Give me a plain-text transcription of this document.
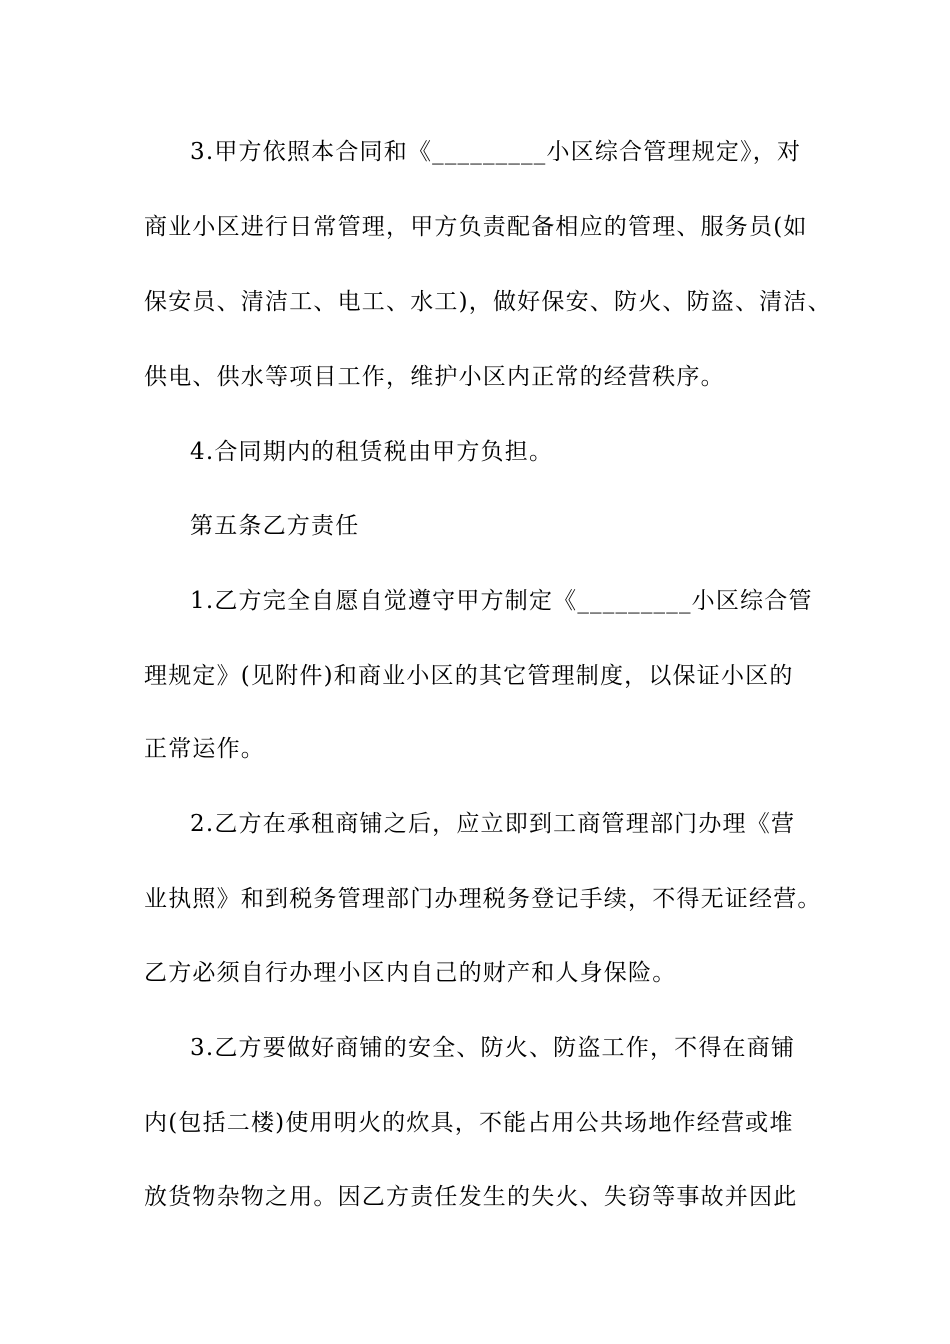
3.甲方依照本合同和《_________小区综合管理规定》，对
商业小区进行日常管理，甲方负责配备相应的管理、服务员(如
保安员、清洁工、电工、水工)，做好保安、防火、防盗、清洁、
供电、供水等项目工作，维护小区内正常的经营秩序。
4.合同期内的租赁税由甲方负担。
第五条乙方责任
1.乙方完全自愿自觉遵守甲方制定《_________小区综合管
理规定》(见附件)和商业小区的其它管理制度，以保证小区的
正常运作。
2.乙方在承租商铺之后，应立即到工商管理部门办理《营
业执照》和到税务管理部门办理税务登记手续，不得无证经营。
乙方必须自行办理小区内自己的财产和人身保险。
3.乙方要做好商铺的安全、防火、防盗工作，不得在商铺
内(包括二楼)使用明火的炊具，不能占用公共场地作经营或堆
放货物杂物之用。因乙方责任发生的失火、失窃等事故并因此
